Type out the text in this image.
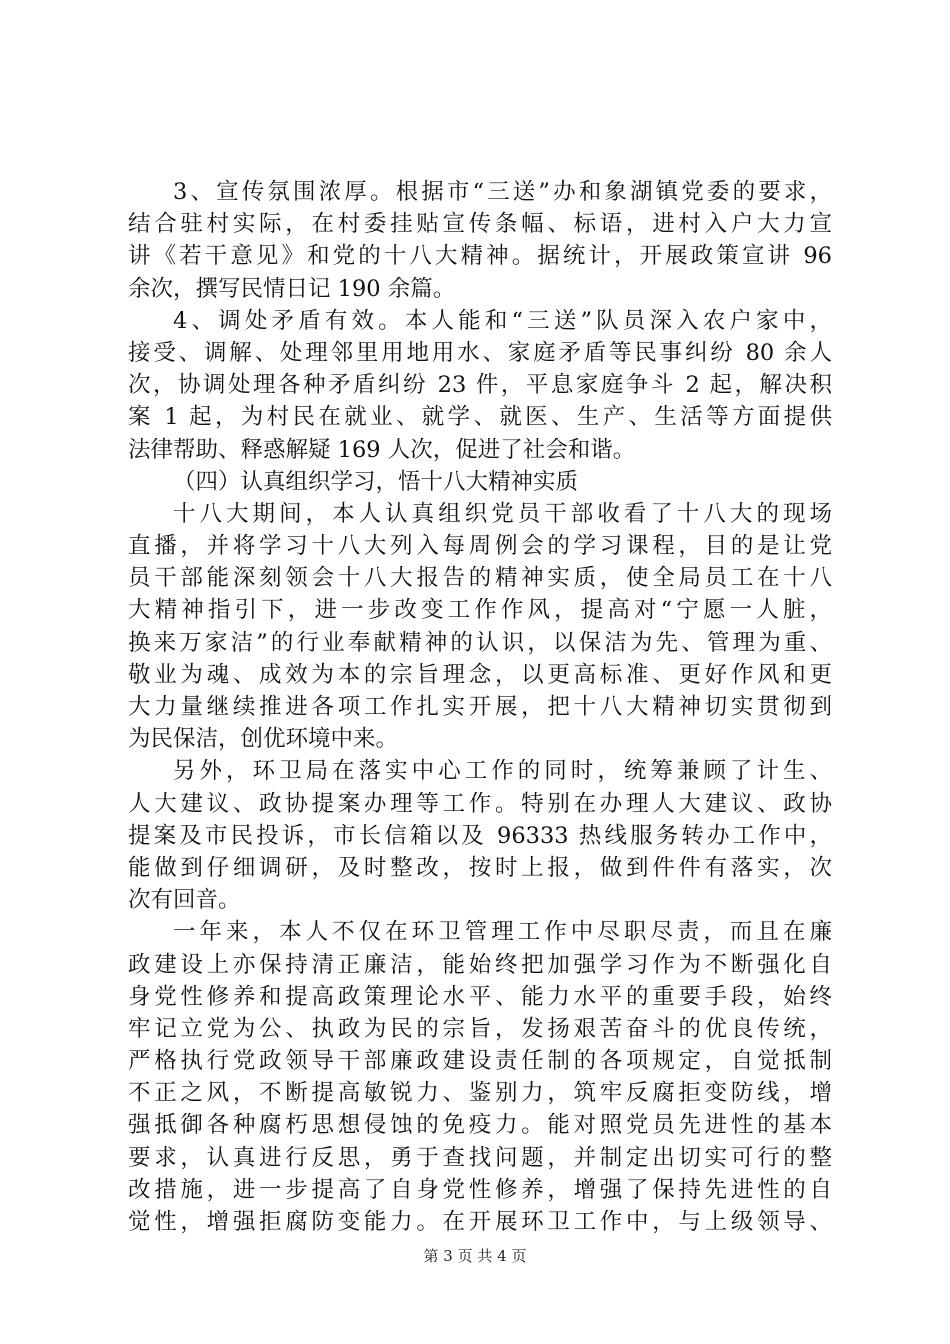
3、宣传氛围浓厚。根据市“三送”办和象湖镇党委的要求，
结合驻村实际，在村委挂贴宣传条幅、标语，进村入户大力宣
讲《若干意见》和党的十八大精神。据统计，开展政策宣讲 96
余次，撰写民情日记 190 余篇。
4、调处矛盾有效。本人能和“三送”队员深入农户家中，
接受、调解、处理邻里用地用水、家庭矛盾等民事纠纷 80 余人
次，协调处理各种矛盾纠纷 23 件，平息家庭争斗 2 起，解决积
案 1 起，为村民在就业、就学、就医、生产、生活等方面提供
法律帮助、释惑解疑 169 人次，促进了社会和谐。
（四）认真组织学习，悟十八大精神实质
十八大期间，本人认真组织党员干部收看了十八大的现场
直播，并将学习十八大列入每周例会的学习课程，目的是让党
员干部能深刻领会十八大报告的精神实质，使全局员工在十八
大精神指引下，进一步改变工作作风，提高对“宁愿一人脏，
换来万家洁”的行业奉献精神的认识，以保洁为先、管理为重、
敬业为魂、成效为本的宗旨理念，以更高标准、更好作风和更
大力量继续推进各项工作扎实开展，把十八大精神切实贯彻到
为民保洁，创优环境中来。
另外，环卫局在落实中心工作的同时，统筹兼顾了计生、
人大建议、政协提案办理等工作。特别在办理人大建议、政协
提案及市民投诉，市长信箱以及 96333 热线服务转办工作中，
能做到仔细调研，及时整改，按时上报，做到件件有落实，次
次有回音。
一年来，本人不仅在环卫管理工作中尽职尽责，而且在廉
政建设上亦保持清正廉洁，能始终把加强学习作为不断强化自
身党性修养和提高政策理论水平、能力水平的重要手段，始终
牢记立党为公、执政为民的宗旨，发扬艰苦奋斗的优良传统，
严格执行党政领导干部廉政建设责任制的各项规定，自觉抵制
不正之风，不断提高敏锐力、鉴别力，筑牢反腐拒变防线，增
强抵御各种腐朽思想侵蚀的免疫力。能对照党员先进性的基本
要求，认真进行反思，勇于查找问题，并制定出切实可行的整
改措施，进一步提高了自身党性修养，增强了保持先进性的自
觉性，增强拒腐防变能力。在开展环卫工作中，与上级领导、
第 3 页 共 4 页
